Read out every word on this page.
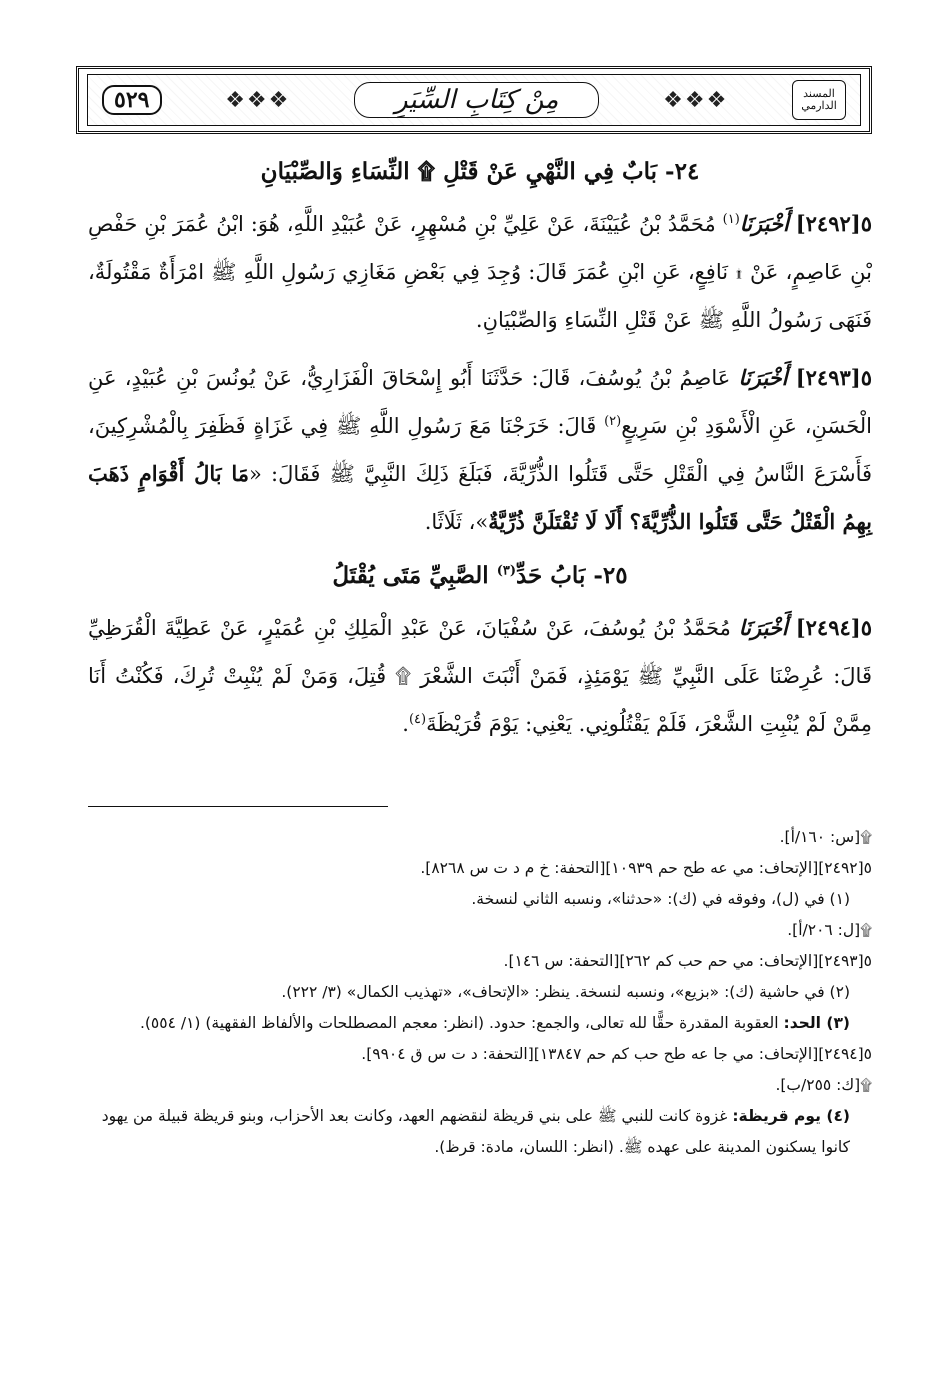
المسند
الدارمي
❖❖❖
مِنْ كِتَابِ السِّيَرِ
❖❖❖
٥٢٩
٢٤- بَابٌ فِي النَّهْيِ عَنْ قَتْلِ ۩ النِّسَاءِ وَالصِّبْيَانِ

٥[٢٤٩٢] أَخْبَرَنَا$^{(١)}$ مُحَمَّدُ بْنُ عُيَيْنَةَ، عَنْ عَلِيِّ بْنِ مُسْهِرٍ، عَنْ عُبَيْدِ اللَّهِ، هُوَ: ابْنُ عُمَرَ بْنِ حَفْصِ بْنِ عَاصِمٍ، عَنْ ۩ نَافِعٍ، عَنِ ابْنِ عُمَرَ قَالَ: وُجِدَ فِي بَعْضِ مَغَازِي رَسُولِ اللَّهِ ﷺ امْرَأَةٌ مَقْتُولَةٌ، فَنَهَى رَسُولُ اللَّهِ ﷺ عَنْ قَتْلِ النِّسَاءِ وَالصِّبْيَانِ.

٥[٢٤٩٣] أَخْبَرَنَا عَاصِمُ بْنُ يُوسُفَ، قَالَ: حَدَّثَنَا أَبُو إِسْحَاقَ الْفَزَارِيُّ، عَنْ يُونُسَ بْنِ عُبَيْدٍ، عَنِ الْحَسَنِ، عَنِ الْأَسْوَدِ بْنِ سَرِيعٍ$^{(٢)}$ قَالَ: خَرَجْنَا مَعَ رَسُولِ اللَّهِ ﷺ فِي غَزَاةٍ فَظَفِرَ بِالْمُشْرِكِينَ، فَأَسْرَعَ النَّاسُ فِي الْقَتْلِ حَتَّى قَتَلُوا الذُّرِّيَّةَ، فَبَلَغَ ذَلِكَ النَّبِيَّ ﷺ فَقَالَ: «مَا بَالُ أَقْوَامٍ ذَهَبَ بِهِمُ الْقَتْلُ حَتَّى قَتَلُوا الذُّرِّيَّةَ؟ أَلَا لَا تُقْتَلَنَّ ذُرِّيَّةٌ»، ثَلَاثًا.

٢٥- بَابُ حَدِّ$^{(٣)}$ الصَّبِيِّ مَتَى يُقْتَلُ

٥[٢٤٩٤] أَخْبَرَنَا مُحَمَّدُ بْنُ يُوسُفَ، عَنْ سُفْيَانَ، عَنْ عَبْدِ الْمَلِكِ بْنِ عُمَيْرٍ، عَنْ عَطِيَّةَ الْقُرَظِيِّ قَالَ: عُرِضْنَا عَلَى النَّبِيِّ ﷺ يَوْمَئِذٍ، فَمَنْ أَنْبَتَ الشَّعْرَ ۩ قُتِلَ، وَمَنْ لَمْ يُنْبِتْ تُرِكَ، فَكُنْتُ أَنَا مِمَّنْ لَمْ يُنْبِتِ الشَّعْرَ، فَلَمْ يَقْتُلُونِي. يَعْنِي: يَوْمَ قُرَيْظَةَ$^{(٤)}$.

۩[س: ١٦٠/أ].
٥[٢٤٩٢][الإتحاف: مي عه طح حم ١٠٩٣٩][التحفة: خ م د ت س ٨٢٦٨].
(١) في (ل)، وفوقه في (ك): «حدثنا»، ونسبه الثاني لنسخة.
۩[ل: ٢٠٦/أ].
٥[٢٤٩٣][الإتحاف: مي حم حب كم ٢٦٢][التحفة: س ١٤٦].
(٢) في حاشية (ك): «بزيع»، ونسبه لنسخة. ينظر: «الإتحاف»، «تهذيب الكمال» (٣/ ٢٢٢).
(٣) الحد: العقوبة المقدرة حقًّا لله تعالى، والجمع: حدود. (انظر: معجم المصطلحات والألفاظ الفقهية) (١/ ٥٥٤).
٥[٢٤٩٤][الإتحاف: مي جا عه طح حب كم حم ١٣٨٤٧][التحفة: د ت س ق ٩٩٠٤].
۩[ك: ٢٥٥/ب].
(٤) يوم قريظة: غزوة كانت للنبي ﷺ على بني قريظة لنقضهم العهد، وكانت بعد الأحزاب، وبنو قريظة قبيلة من يهود كانوا يسكنون المدينة على عهده ﷺ. (انظر: اللسان، مادة: قرظ).
